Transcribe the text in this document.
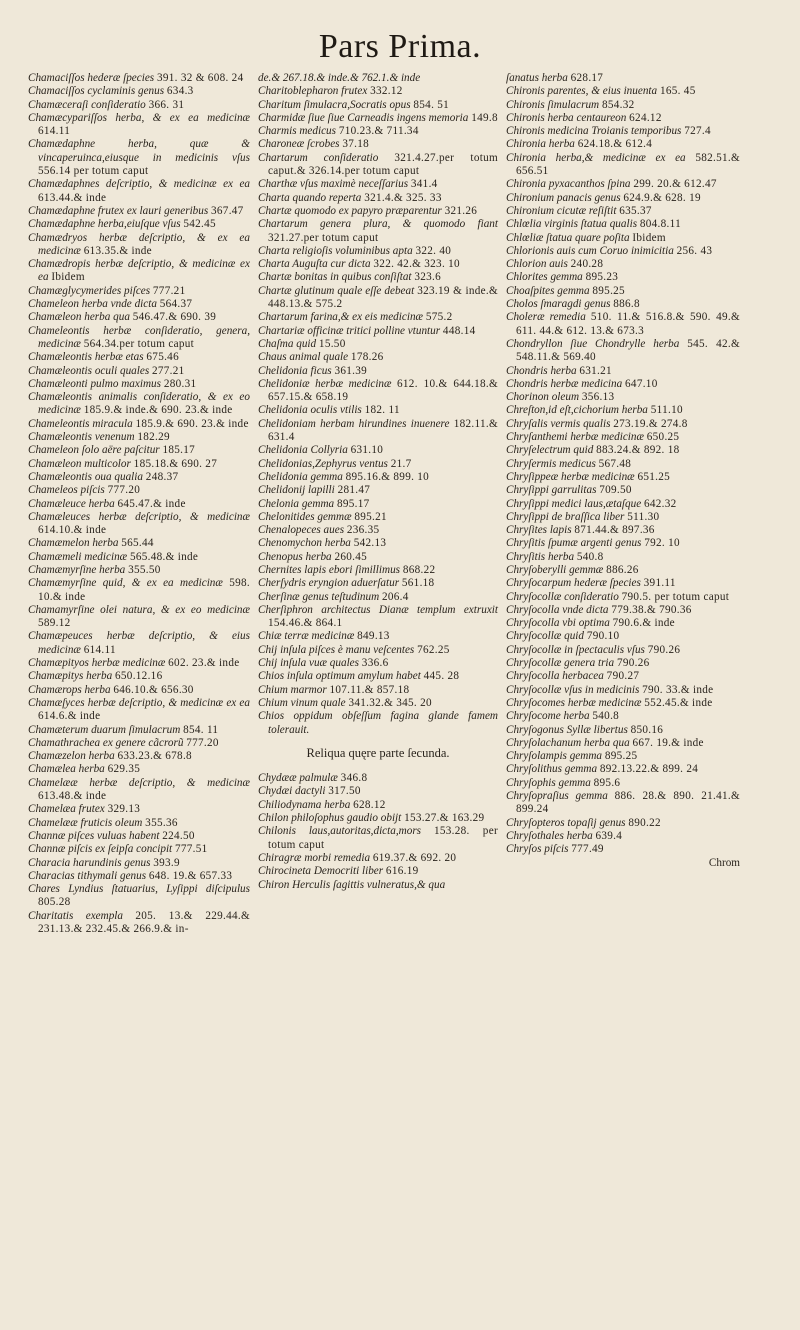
Pars Prima.
Chamaciſſos hederæ ſpecies 391. 32 & 608. 24
Chamaciſſos cyclaminis genus 634.3
Chamæceraſi conſideratio 366. 31
Chamæcypariſſos herba, & ex ea medicinæ 614.11
Chamædaphne herba, quæ & vincaperuinca,eiusque in medicinis vſus 556.14 per totum caput
Chamædaphnes deſcriptio, & medicinæ ex ea 613.44.& inde
Chamædaphne frutex ex lauri generibus 367.47
Chamædaphne herba,eiuſque vſus 542.45
Chamædryos herbæ deſcriptio, & ex ea medicinæ 613.35.& inde
Chamædropis herbæ deſcriptio, & medicinæ ex ea Ibidem
Chamæglycymerides piſces 777.21
Chameleon herba vnde dicta 564.37
Chamæleon herba qua 546.47.& 690. 39
Chameleontis herbæ conſideratio, genera, medicinæ 564.34.per totum caput
Chamæleontis herbæ etas 675.46
Chamæleontis oculi quales 277.21
Chamæleonti pulmo maximus 280.31
Chamæleontis animalis conſideratio, & ex eo medicinæ 185.9.& inde.& 690. 23.& inde
Chameleontis miracula 185.9.& 690. 23.& inde
Chamæleontis venenum 182.29
Chameleon ſolo aëre paſcitur 185.17
Chamæleon multicolor 185.18.& 690. 27
Chamæleontis oua qualia 248.37
Chameleos piſcis 777.20
Chamæleuce herba 645.47.& inde
Chamæleuces herbæ deſcriptio, & medicinæ 614.10.& inde
Chamæmelon herba 565.44
Chamæmeli medicinæ 565.48.& inde
Chamæmyrſine herba 355.50
Chamæmyrſine quid, & ex ea medicinæ 598. 10.& inde
Chamamyrſine olei natura, & ex eo medicinæ 589.12
Chamæpeuces herbæ deſcriptio, & eius medicinæ 614.11
Chamæpityos herbæ medicinæ 602. 23.& inde
Chamæpitys herba 650.12.16
Chamærops herba 646.10.& 656.30
Chamæſyces herbæ deſcriptio, & medicinæ ex ea 614.6.& inde
Chamæterum duarum ſimulacrum 854. 11
Chamathrachea ex genere cãcrorũ 777.20
Chamæzelon herba 633.23.& 678.8
Chamælea herba 629.35
Chamelææ herbæ deſcriptio, & medicinæ 613.48.& inde
Chamelæa frutex 329.13
Chamelææ fruticis oleum 355.36
Channæ piſces vuluas habent 224.50
Channæ piſcis ex ſeipſa concipit 777.51
Characia harundinis genus 393.9
Characias tithymali genus 648. 19.& 657.33
Chares Lyndius ſtatuarius, Lyſippi diſcipulus 805.28
Charitatis exempla 205. 13.& 229.44.& 231.13.& 232.45.& 266.9.& in-
de.& 267.18.& inde.& 762.1.& inde
Charitoblepharon frutex 332.12
Charitum ſimulacra,Socratis opus 854. 51
Charmidæ ſiue ſiue Carneadis ingens memoria 149.8
Charmis medicus 710.23.& 711.34
Charoneæ ſcrobes 37.18
Chartarum conſideratio 321.4.27.per totum caput.& 326.14.per totum caput
Charthæ vſus maximè neceſſarius 341.4
Charta quando reperta 321.4.& 325. 33
Chartæ quomodo ex papyro præparentur 321.26
Chartarum genera plura, & quomodo fiant 321.27.per totum caput
Charta religioſis voluminibus apta 322. 40
Charta Auguſta cur dicta 322. 42.& 323. 10
Chartæ bonitas in quibus conſiſtat 323.6
Chartæ glutinum quale eſſe debeat 323.19 & inde.& 448.13.& 575.2
Chartarum farina,& ex eis medicinæ 575.2
Chartariæ officinæ tritici polline vtuntur 448.14
Chaſma quid 15.50
Chaus animal quale 178.26
Chelidonia ficus 361.39
Chelidoniæ herbæ medicinæ 612. 10.& 644.18.& 657.15.& 658.19
Chelidonia oculis vtilis 182. 11
Chelidoniam herbam hirundines inuenere 182.11.& 631.4
Chelidonia Collyria 631.10
Chelidonias,Zephyrus ventus 21.7
Chelidonia gemma 895.16.& 899. 10
Chelidonij lapilli 281.47
Chelonia gemma 895.17
Chelonitides gemmæ 895.21
Chenalopeces aues 236.35
Chenomychon herba 542.13
Chenopus herba 260.45
Chernites lapis ebori ſimillimus 868.22
Cherſydris eryngion aduerſatur 561.18
Cherſinæ genus teſtudinum 206.4
Cherſiphron architectus Dianæ templum extruxit 154.46.& 864.1
Chiæ terræ medicinæ 849.13
Chij inſula piſces è manu veſcentes 762.25
Chij inſula vuæ quales 336.6
Chios inſula optimum amylum habet 445. 28
Chium marmor 107.11.& 857.18
Chium vinum quale 341.32.& 345. 20
Chios oppidum obſeſſum fagina glande famem tolerauit.
Reliqua quęre parte ſecunda.
Chydææ palmulæ 346.8
Chydæi dactyli 317.50
Chiliodynama herba 628.12
Chilon philoſophus gaudio obijt 153.27.& 163.29
Chilonis laus,autoritas,dicta,mors 153.28. per totum caput
Chiragræ morbi remedia 619.37.& 692. 20
Chirocineta Democriti liber 616.19
Chiron Herculis ſagittis vulneratus,& qua
ſanatus herba 628.17
Chironis parentes, & eius inuenta 165. 45
Chironis ſimulacrum 854.32
Chironis herba centaureon 624.12
Chironis medicina Troianis temporibus 727.4
Chironia herba 624.18.& 612.4
Chironia herba,& medicinæ ex ea 582.51.& 656.51
Chironia pyxacanthos ſpina 299. 20.& 612.47
Chironium panacis genus 624.9.& 628. 19
Chironium cicutæ reſiſtit 635.37
Chlœlia virginis ſtatua qualis 804.8.11
Chlœliæ ſtatua quare poſita Ibidem
Chlorionis auis cum Coruo inimicitia 256. 43
Chlorion auis 240.28
Chlorites gemma 895.23
Choaſpites gemma 895.25
Cholos ſmaragdi genus 886.8
Choleræ remedia 510. 11.& 516.8.& 590. 49.& 611. 44.& 612. 13.& 673.3
Chondryllon ſiue Chondrylle herba 545. 42.& 548.11.& 569.40
Chondris herba 631.21
Chondris herbæ medicina 647.10
Chorinon oleum 356.13
Chreſton,id eſt,cichorium herba 511.10
Chryſalis vermis qualis 273.19.& 274.8
Chryſanthemi herbæ medicinæ 650.25
Chryſelectrum quid 883.24.& 892. 18
Chryſermis medicus 567.48
Chryſippeæ herbæ medicinæ 651.25
Chryſippi garrulitas 709.50
Chryſippi medici laus,ætaſque 642.32
Chryſippi de braſſica liber 511.30
Chryſites lapis 871.44.& 897.36
Chryſitis ſpumæ argenti genus 792. 10
Chryſitis herba 540.8
Chryſoberylli gemmæ 886.26
Chryſocarpum hederæ ſpecies 391.11
Chryſocollæ conſideratio 790.5. per totum caput
Chryſocolla vnde dicta 779.38.& 790.36
Chryſocolla vbi optima 790.6.& inde
Chryſocollæ quid 790.10
Chryſocollæ in ſpectaculis vſus 790.26
Chryſocollæ genera tria 790.26
Chryſocolla herbacea 790.27
Chryſocollæ vſus in medicinis 790. 33.& inde
Chryſocomes herbæ medicinæ 552.45.& inde
Chryſocome herba 540.8
Chryſogonus Syllæ libertus 850.16
Chryſolachanum herba qua 667. 19.& inde
Chryſolampis gemma 895.25
Chryſolithus gemma 892.13.22.& 899. 24
Chryſophis gemma 895.6
Chryſopraſius gemma 886. 28.& 890. 21.41.& 899.24
Chryſopteros topaſij genus 890.22
Chryſothales herba 639.4
Chryſos piſcis 777.49
Chrom
